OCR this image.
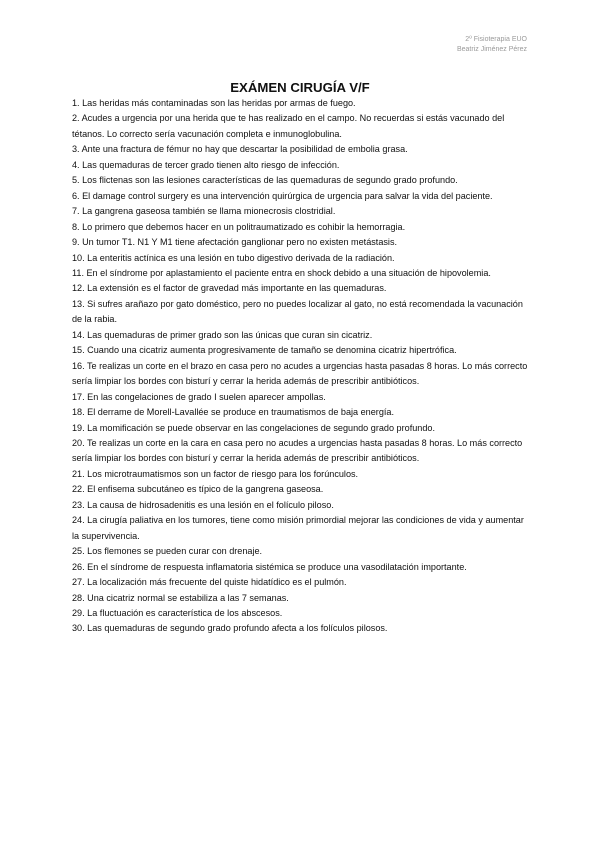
2º Fisioterapia EUO
Beatriz Jiménez Pérez
EXÁMEN CIRUGÍA V/F

1. Las heridas más contaminadas son las heridas por armas de fuego.

2. Acudes a urgencia por una herida que te has realizado en el campo. No recuerdas si estás vacunado del tétanos. Lo correcto sería vacunación completa e inmunoglobulina.

3. Ante una fractura de fémur no hay que descartar la posibilidad de embolia grasa.

4. Las quemaduras de tercer grado tienen alto riesgo de infección.

5. Los flictenas son las lesiones características de las quemaduras de segundo grado profundo.

6. El damage control surgery es una intervención quirúrgica de urgencia para salvar la vida del paciente.

7. La gangrena gaseosa también se llama mionecrosis clostridial.

8. Lo primero que debemos hacer en un politraumatizado es cohibir la hemorragia.

9. Un tumor T1. N1 Y M1 tiene afectación ganglionar pero no existen metástasis.

10. La enteritis actínica es una lesión en tubo digestivo derivada de la radiación.

11. En el síndrome por aplastamiento el paciente entra en shock debido a una situación de hipovolemia.

12. La extensión es el factor de gravedad más importante en las quemaduras.

13. Si sufres arañazo por gato doméstico, pero no puedes localizar al gato, no está recomendada la vacunación de la rabia.

14. Las quemaduras de primer grado son las únicas que curan sin cicatriz.

15. Cuando una cicatriz aumenta progresivamente de tamaño se denomina cicatriz hipertrófica.

16. Te realizas un corte en el brazo en casa pero no acudes a urgencias hasta pasadas 8 horas. Lo más correcto sería limpiar los bordes con bisturí y cerrar la herida además de prescribir antibióticos.

17. En las congelaciones de grado I suelen aparecer ampollas.

18. El derrame de Morell-Lavallée se produce en traumatismos de baja energía.

19. La momificación se puede observar en las congelaciones de segundo grado profundo.

20. Te realizas un corte en la cara en casa pero no acudes a urgencias hasta pasadas 8 horas. Lo más correcto sería limpiar los bordes con bisturí y cerrar la herida además de prescribir antibióticos.

21. Los microtraumatismos son un factor de riesgo para los forúnculos.

22. El enfisema subcutáneo es típico de la gangrena gaseosa.

23. La causa de hidrosadenitis es una lesión en el folículo piloso.

24. La cirugía paliativa en los tumores, tiene como misión primordial mejorar las condiciones de vida y aumentar la supervivencia.

25. Los flemones se pueden curar con drenaje.

26. En el síndrome de respuesta inflamatoria sistémica se produce una vasodilatación importante.

27. La localización más frecuente del quiste hidatídico es el pulmón.

28. Una cicatriz normal se estabiliza a las 7 semanas.

29. La fluctuación es característica de los abscesos.

30. Las quemaduras de segundo grado profundo afecta a los folículos pilosos.
